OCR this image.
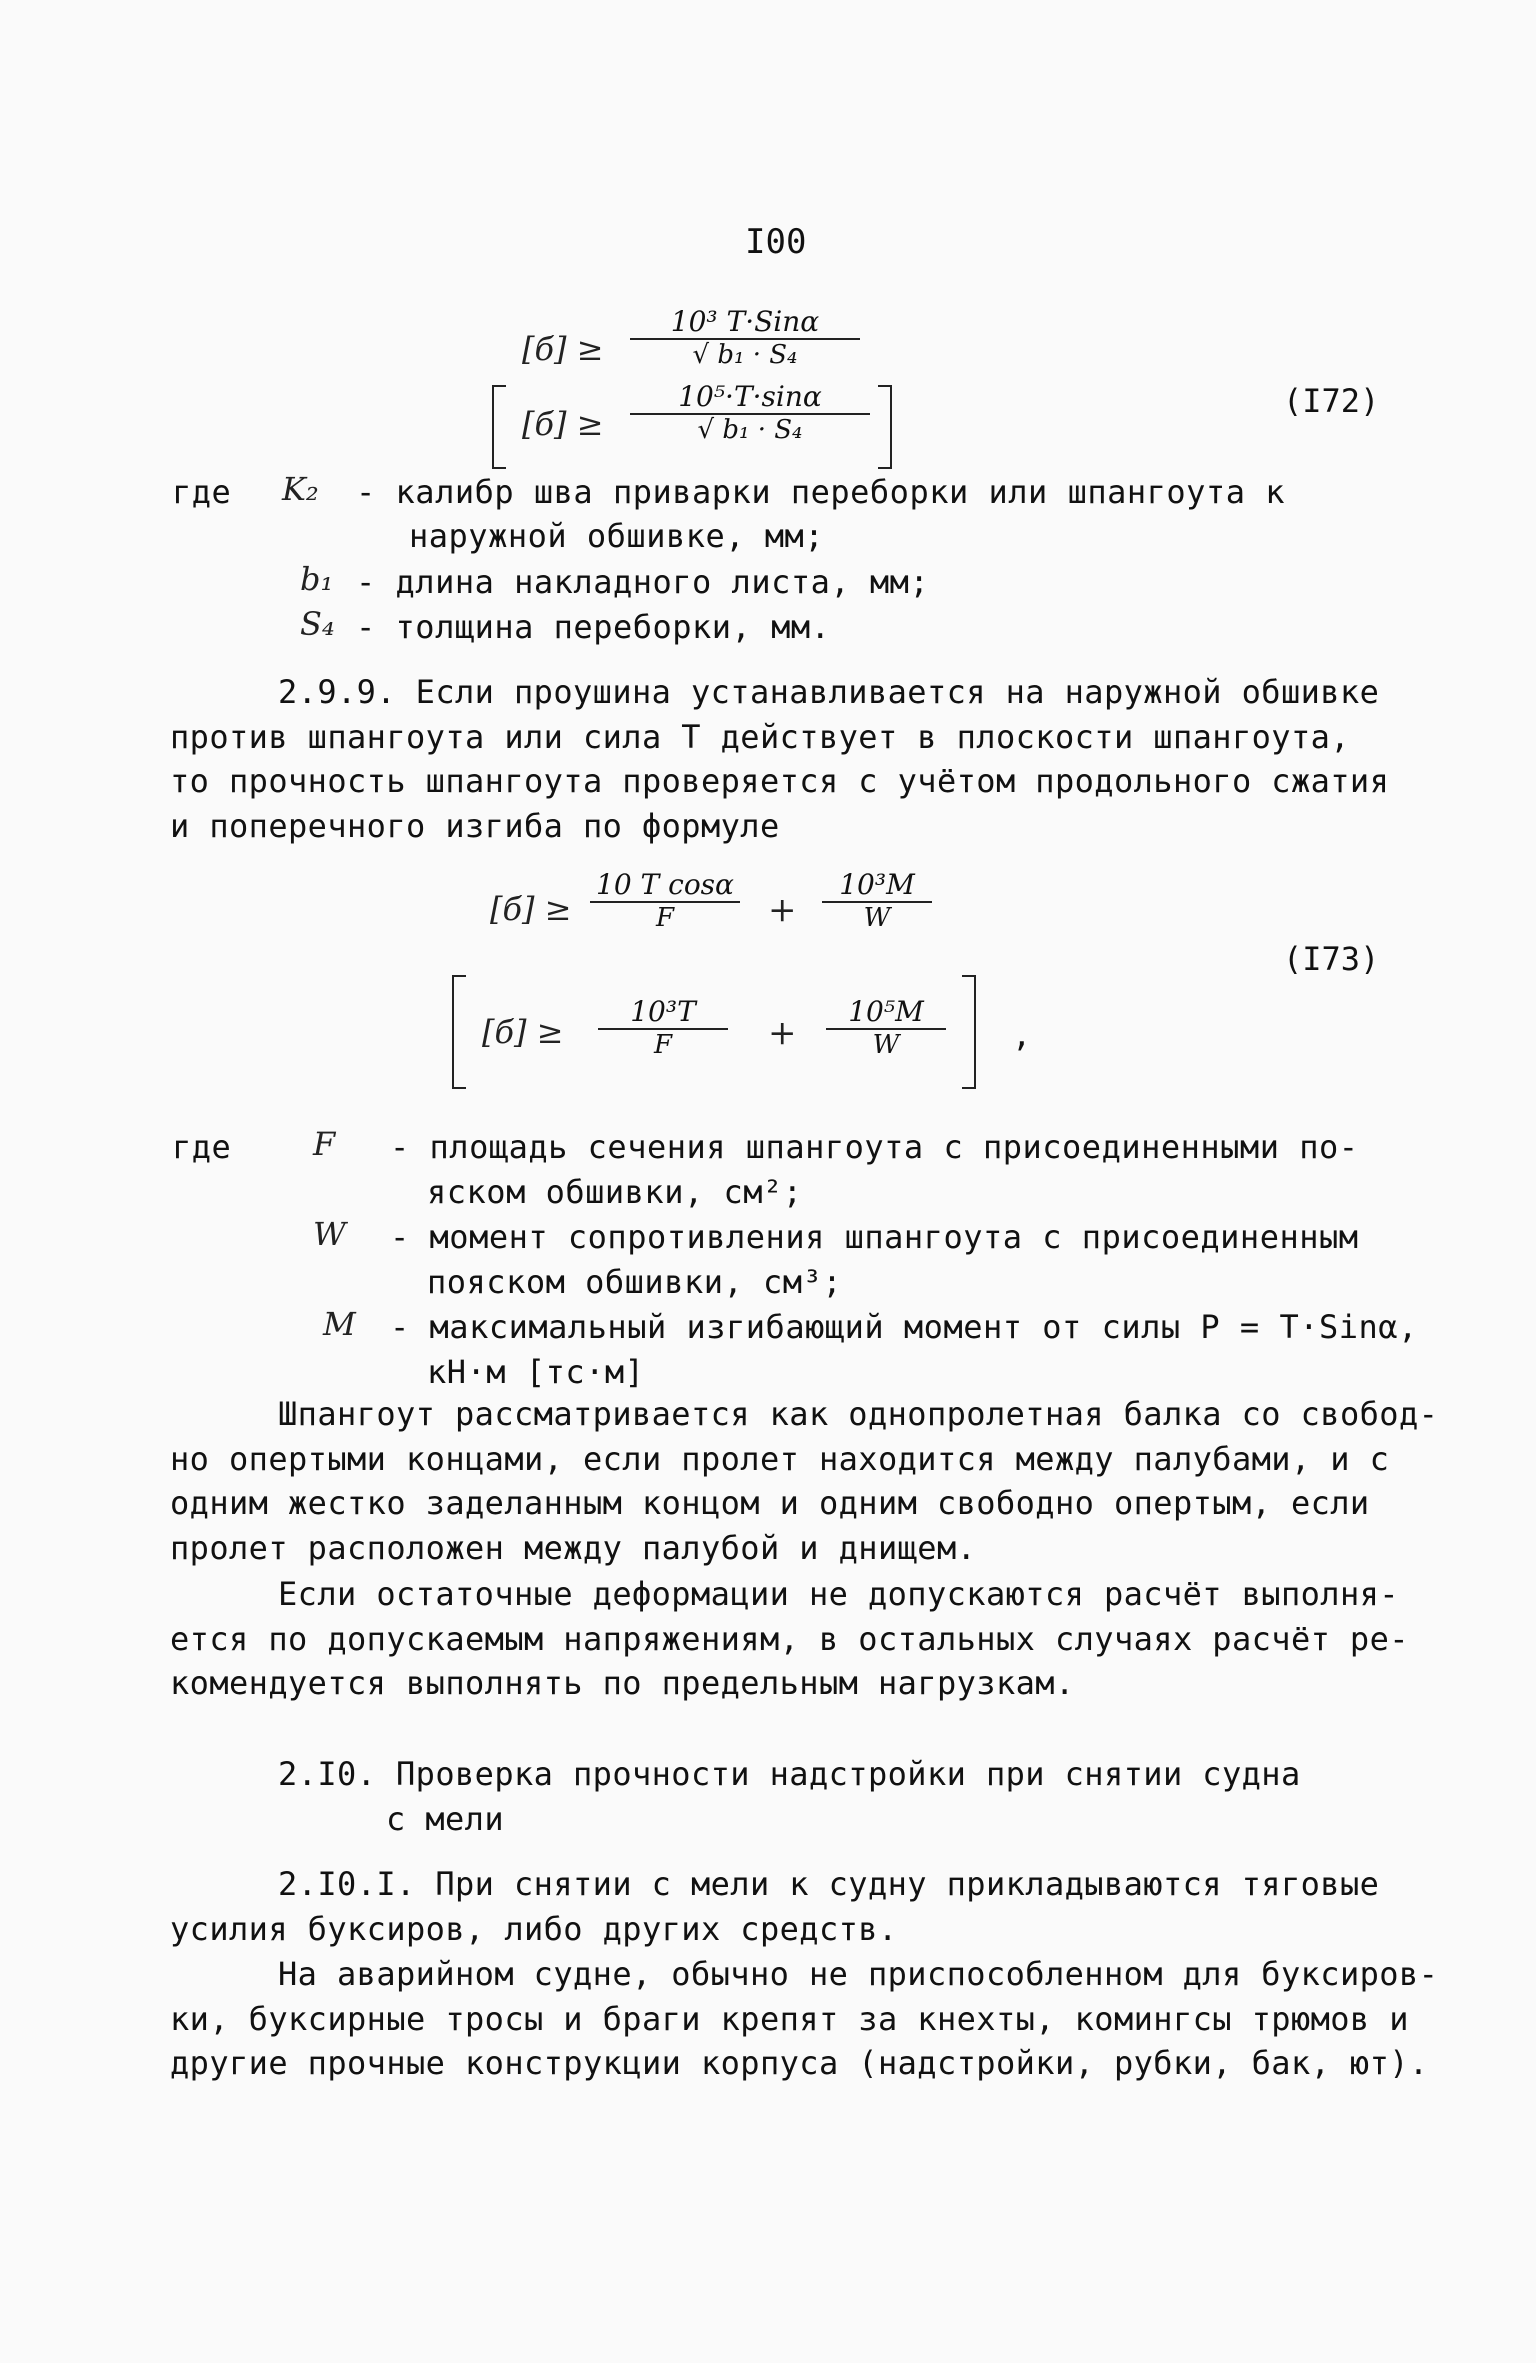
I00
[б] ≥
10³ T·Sinα
√ b₁ · S₄
[б] ≥
10⁵·T·sinα
√ b₁ · S₄
(I72)
где K₂ - калибр шва приварки переборки или шпангоута к
наружной обшивке, мм;
b₁ - длина накладного листа, мм;
S₄ - толщина переборки, мм.
2.9.9. Если проушина устанавливается на наружной обшивке
против шпангоута или сила T действует в плоскости шпангоута,
то прочность шпангоута проверяется с учётом продольного сжатия
и поперечного изгиба по формуле
[б] ≥
10 T cosα
F	+
10³M
W
[б] ≥
10³T
F	+
10⁵M
W	,
(I73)
где	F - площадь сечения шпангоута с присоединенными по-
яском обшивки, см²;
W - момент сопротивления шпангоута с присоединенным
пояском обшивки, см³;
M - максимальный изгибающий момент от силы P = T·Sinα,
кН·м [тс·м]
Шпангоут рассматривается как однопролетная балка со свобод-
но опертыми концами, если пролет находится между палубами, и с
одним жестко заделанным концом и одним свободно опертым, если
пролет расположен между палубой и днищем.
Если остаточные деформации не допускаются расчёт выполня-
ется по допускаемым напряжениям, в остальных случаях расчёт ре-
комендуется выполнять по предельным нагрузкам.
2.I0. Проверка прочности надстройки при снятии судна
с мели
2.I0.I. При снятии с мели к судну прикладываются тяговые
усилия буксиров, либо других средств.
На аварийном судне, обычно не приспособленном для буксиров-
ки, буксирные тросы и браги крепят за кнехты, комингсы трюмов и
другие прочные конструкции корпуса (надстройки, рубки, бак, ют).
